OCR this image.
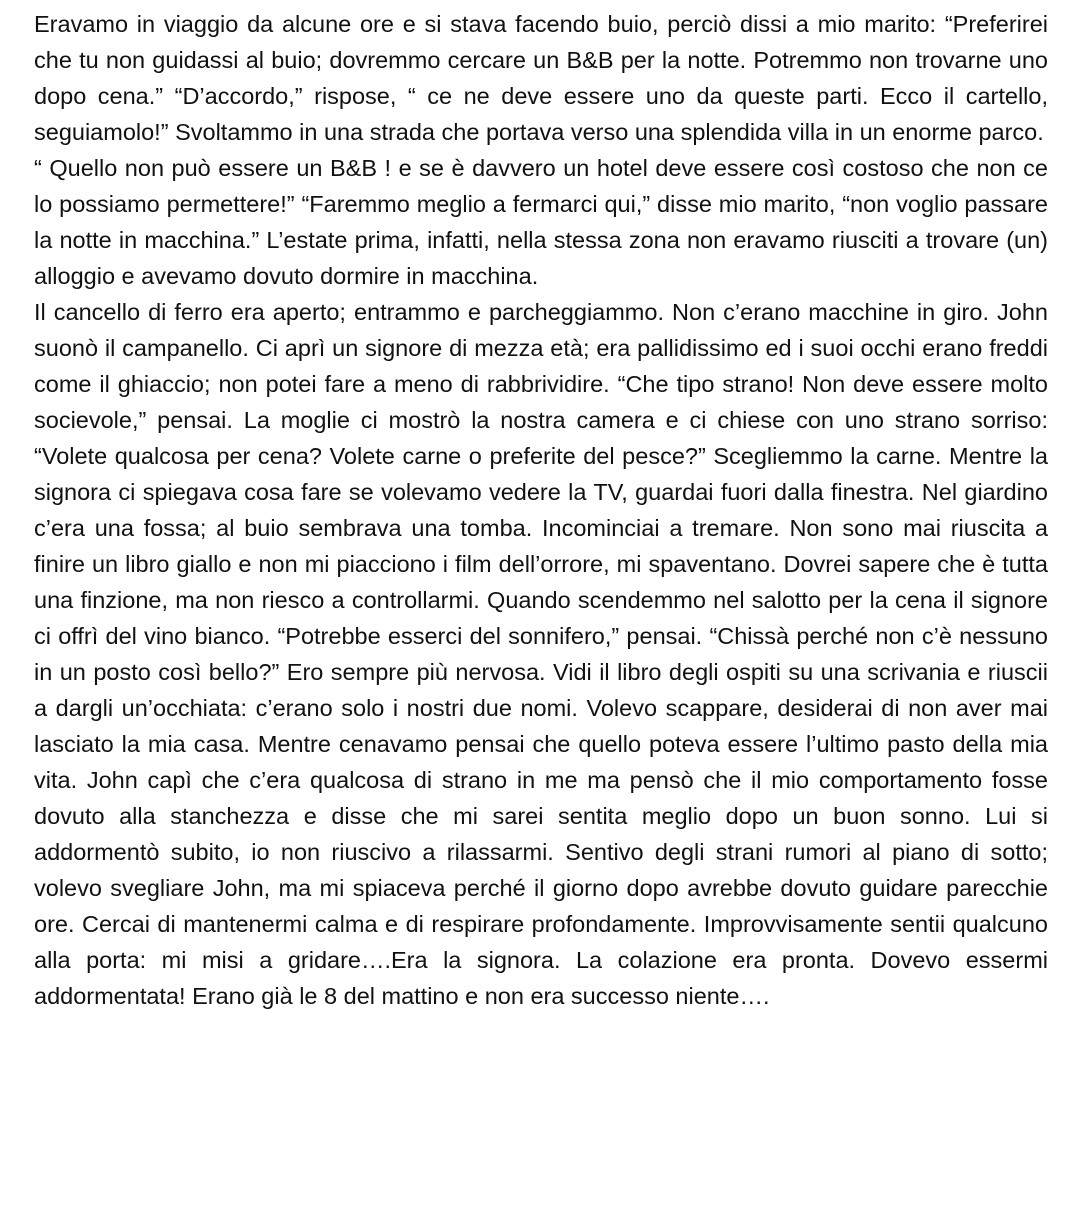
Eravamo in viaggio da alcune ore e si stava facendo buio, perciò dissi a mio marito: “Preferirei che tu non guidassi al buio; dovremmo cercare un B&B per la notte. Potremmo non trovarne uno dopo cena.” “D’accordo,” rispose, “ ce ne deve essere uno da queste parti. Ecco il cartello, seguiamolo!” Svoltammo in una strada che portava verso una splendida villa in un enorme parco.

“ Quello non può essere un B&B ! e se è davvero un hotel deve essere così costoso che non ce lo possiamo permettere!” “Faremmo meglio a fermarci qui,” disse mio marito, “non voglio passare la notte in macchina.” L’estate prima, infatti, nella stessa zona non eravamo riusciti a trovare (un) alloggio e avevamo dovuto dormire in macchina.

Il cancello di ferro era aperto; entrammo e parcheggiammo. Non c’erano macchine in giro. John suonò il campanello. Ci aprì un signore di mezza età; era pallidissimo ed i suoi occhi erano freddi come il ghiaccio; non potei fare a meno di rabbrividire. “Che tipo strano! Non deve essere molto socievole,” pensai. La moglie ci mostrò la nostra camera e ci chiese con uno strano sorriso: “Volete qualcosa per cena? Volete carne o preferite del pesce?” Scegliemmo la carne. Mentre la signora ci spiegava cosa fare se volevamo vedere la TV, guardai fuori dalla finestra. Nel giardino c’era una fossa; al buio sembrava una tomba. Incominciai a tremare. Non sono mai riuscita a finire un libro giallo e non mi piacciono i film dell’orrore, mi spaventano. Dovrei sapere che è tutta una finzione, ma non riesco a controllarmi. Quando scendemmo nel salotto per la cena il signore ci offrì del vino bianco. “Potrebbe esserci del sonnifero,” pensai. “Chissà perché non c’è nessuno in un posto così bello?” Ero sempre più nervosa. Vidi il libro degli ospiti su una scrivania e riuscii a dargli un’occhiata: c’erano solo i nostri due nomi. Volevo scappare, desiderai di non aver mai lasciato la mia casa. Mentre cenavamo pensai che quello poteva essere l’ultimo pasto della mia vita. John capì che c’era qualcosa di strano in me ma pensò che il mio comportamento fosse dovuto alla stanchezza e disse che mi sarei sentita meglio dopo un buon sonno. Lui si addormentò subito, io non riuscivo a rilassarmi. Sentivo degli strani rumori al piano di sotto; volevo svegliare John, ma mi spiaceva perché il giorno dopo avrebbe dovuto guidare parecchie ore. Cercai di mantenermi calma e di respirare profondamente. Improvvisamente sentii qualcuno alla porta: mi misi a gridare….Era la signora. La colazione era pronta. Dovevo essermi addormentata! Erano già le 8 del mattino e non era successo niente….
